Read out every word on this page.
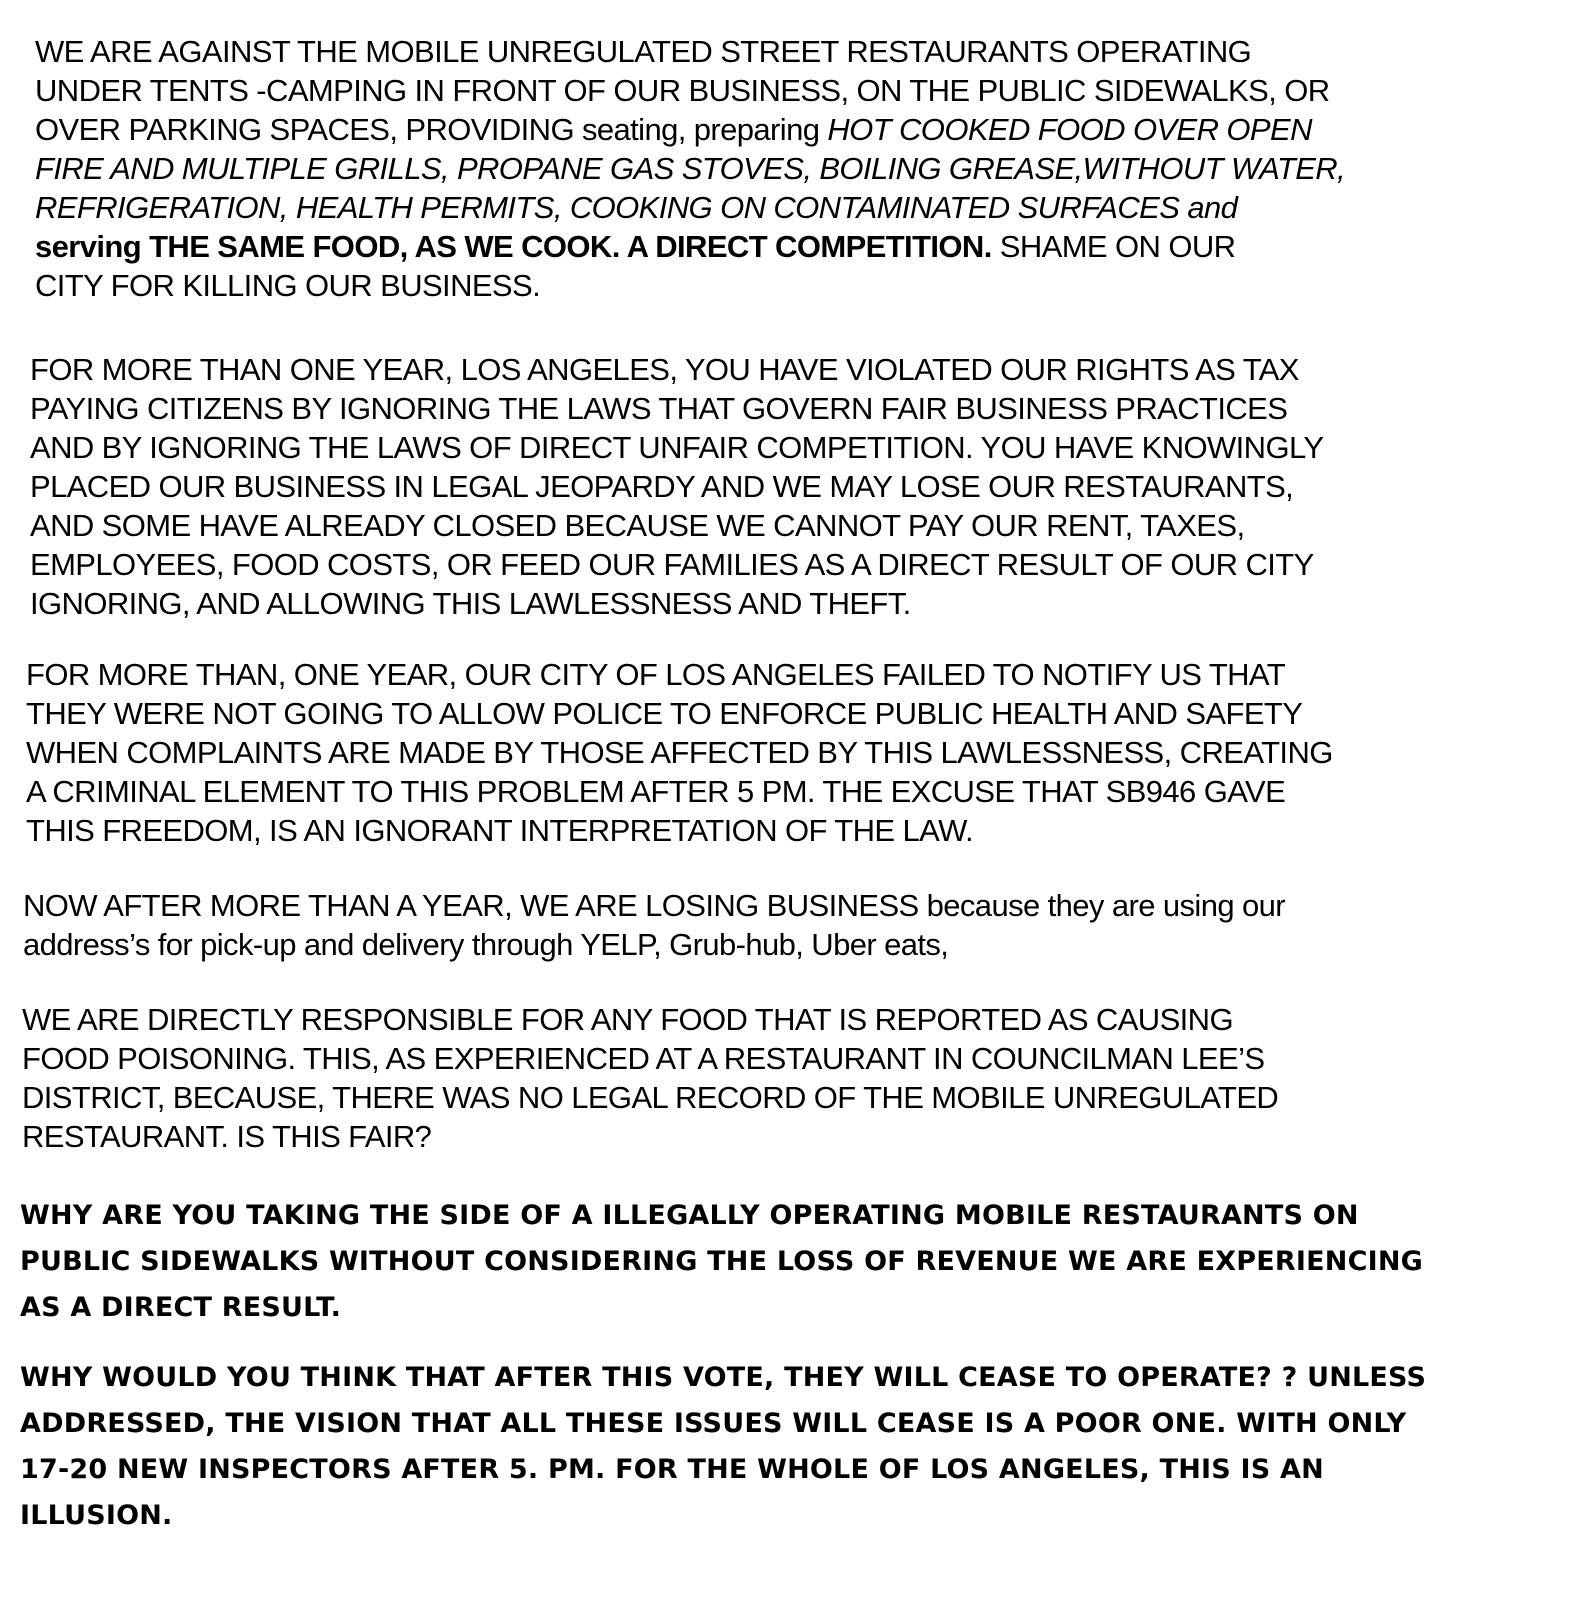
WE ARE AGAINST THE MOBILE UNREGULATED STREET RESTAURANTS OPERATING
UNDER TENTS -CAMPING IN FRONT OF OUR BUSINESS, ON THE PUBLIC SIDEWALKS, OR
OVER PARKING SPACES, PROVIDING seating, preparing HOT COOKED FOOD OVER OPEN
FIRE AND MULTIPLE GRILLS, PROPANE GAS STOVES, BOILING GREASE,WITHOUT WATER,
REFRIGERATION, HEALTH PERMITS, COOKING ON CONTAMINATED SURFACES and
serving THE SAME FOOD, AS WE COOK. A DIRECT COMPETITION. SHAME ON OUR
CITY FOR KILLING OUR BUSINESS.

FOR MORE THAN ONE YEAR, LOS ANGELES, YOU HAVE VIOLATED OUR RIGHTS AS TAX
PAYING CITIZENS BY IGNORING THE LAWS THAT GOVERN FAIR BUSINESS PRACTICES
AND BY IGNORING THE LAWS OF DIRECT UNFAIR COMPETITION. YOU HAVE KNOWINGLY
PLACED OUR BUSINESS IN LEGAL JEOPARDY AND WE MAY LOSE OUR RESTAURANTS,
AND SOME HAVE ALREADY CLOSED BECAUSE WE CANNOT PAY OUR RENT, TAXES,
EMPLOYEES, FOOD COSTS, OR FEED OUR FAMILIES AS A DIRECT RESULT OF OUR CITY
IGNORING, AND ALLOWING THIS LAWLESSNESS AND THEFT.

FOR MORE THAN, ONE YEAR, OUR CITY OF LOS ANGELES FAILED TO NOTIFY US THAT
THEY WERE NOT GOING TO ALLOW POLICE TO ENFORCE PUBLIC HEALTH AND SAFETY
WHEN COMPLAINTS ARE MADE BY THOSE AFFECTED BY THIS LAWLESSNESS, CREATING
A CRIMINAL ELEMENT TO THIS PROBLEM AFTER 5 PM. THE EXCUSE THAT SB946 GAVE
THIS FREEDOM, IS AN IGNORANT INTERPRETATION OF THE LAW.

NOW AFTER MORE THAN A YEAR, WE ARE LOSING BUSINESS because they are using our
address’s for pick-up and delivery through YELP, Grub-hub, Uber eats,

WE ARE DIRECTLY RESPONSIBLE FOR ANY FOOD THAT IS REPORTED AS CAUSING
FOOD POISONING. THIS, AS EXPERIENCED AT A RESTAURANT IN COUNCILMAN LEE’S
DISTRICT, BECAUSE, THERE WAS NO LEGAL RECORD OF THE MOBILE UNREGULATED
RESTAURANT. IS THIS FAIR?

WHY ARE YOU TAKING THE SIDE OF A ILLEGALLY OPERATING MOBILE RESTAURANTS ON
PUBLIC SIDEWALKS WITHOUT CONSIDERING THE LOSS OF REVENUE WE ARE EXPERIENCING
AS A DIRECT RESULT.

WHY WOULD YOU THINK THAT AFTER THIS VOTE, THEY WILL CEASE TO OPERATE? ? UNLESS
ADDRESSED, THE VISION THAT ALL THESE ISSUES WILL CEASE IS A POOR ONE. WITH ONLY
17-20 NEW INSPECTORS AFTER 5. PM. FOR THE WHOLE OF LOS ANGELES, THIS IS AN
ILLUSION.
